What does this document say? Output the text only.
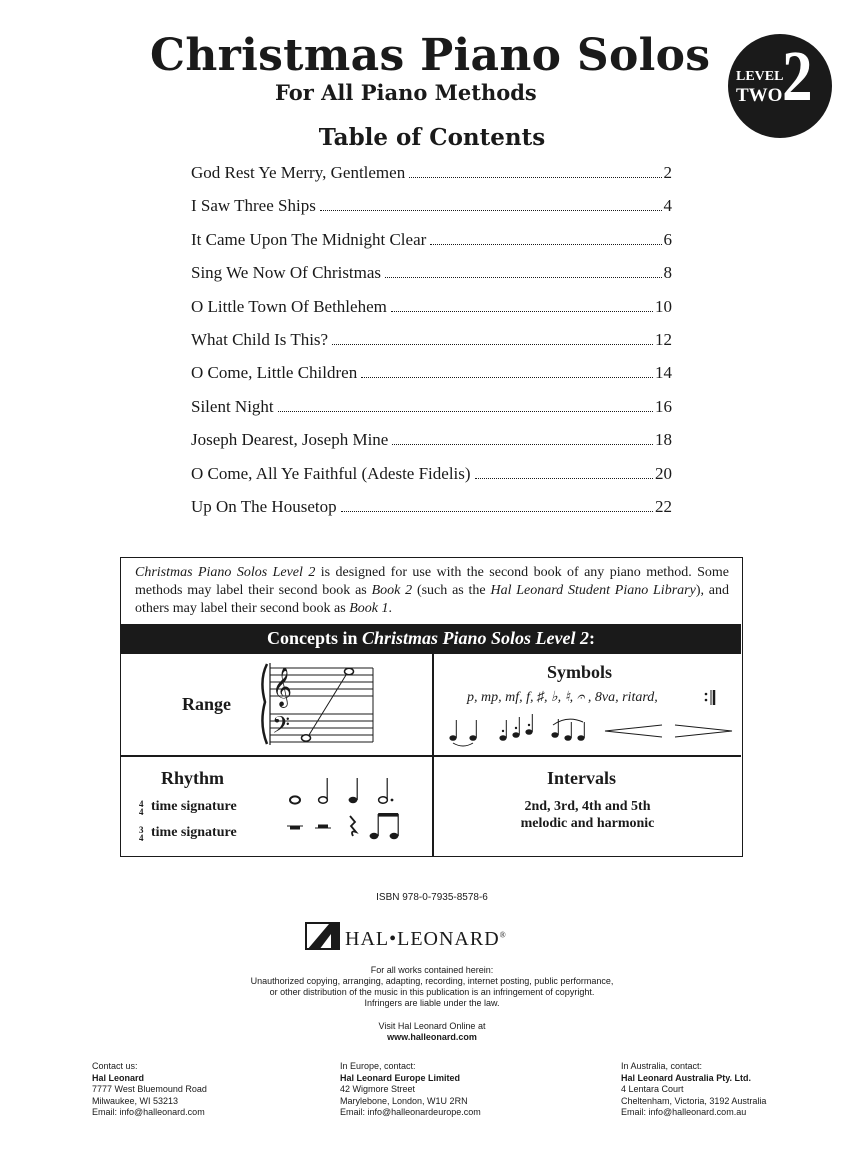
Christmas Piano Solos
For All Piano Methods
LEVEL
TWO 2
Table of Contents
God Rest Ye Merry, Gentlemen	2
I Saw Three Ships	4
It Came Upon The Midnight Clear	6
Sing We Now Of Christmas	8
O Little Town Of Bethlehem	10
What Child Is This?	12
O Come, Little Children	14
Silent Night	16
Joseph Dearest, Joseph Mine	18
O Come, All Ye Faithful (Adeste Fidelis)	20
Up On The Housetop	22

Christmas Piano Solos Level 2 is designed for use with the second book of any piano method. Some methods may label their second book as Book 2 (such as the Hal Leonard Student Piano Library), and others may label their second book as Book 1.

Concepts in Christmas Piano Solos Level 2:
Range 𝄞
𝄢
Symbols
p, mp, mf, f, ♯, ♭, ♮, 𝄐 , 8va, ritard,
Rhythm
4
4 time signature
3
4 time signature
Intervals
2nd, 3rd, 4th and 5th
melodic and harmonic
ISBN 978-0-7935-8578-6
HAL•LEONARD®
For all works contained herein:
Unauthorized copying, arranging, adapting, recording, internet posting, public performance,
or other distribution of the music in this publication is an infringement of copyright.
Infringers are liable under the law.
Visit Hal Leonard Online at
www.halleonard.com
Contact us:
Hal Leonard
7777 West Bluemound Road
Milwaukee, WI 53213
Email: info@halleonard.com
In Europe, contact:
Hal Leonard Europe Limited
42 Wigmore Street
Marylebone, London, W1U 2RN
Email: info@halleonardeurope.com
In Australia, contact:
Hal Leonard Australia Pty. Ltd.
4 Lentara Court
Cheltenham, Victoria, 3192 Australia
Email: info@halleonard.com.au
